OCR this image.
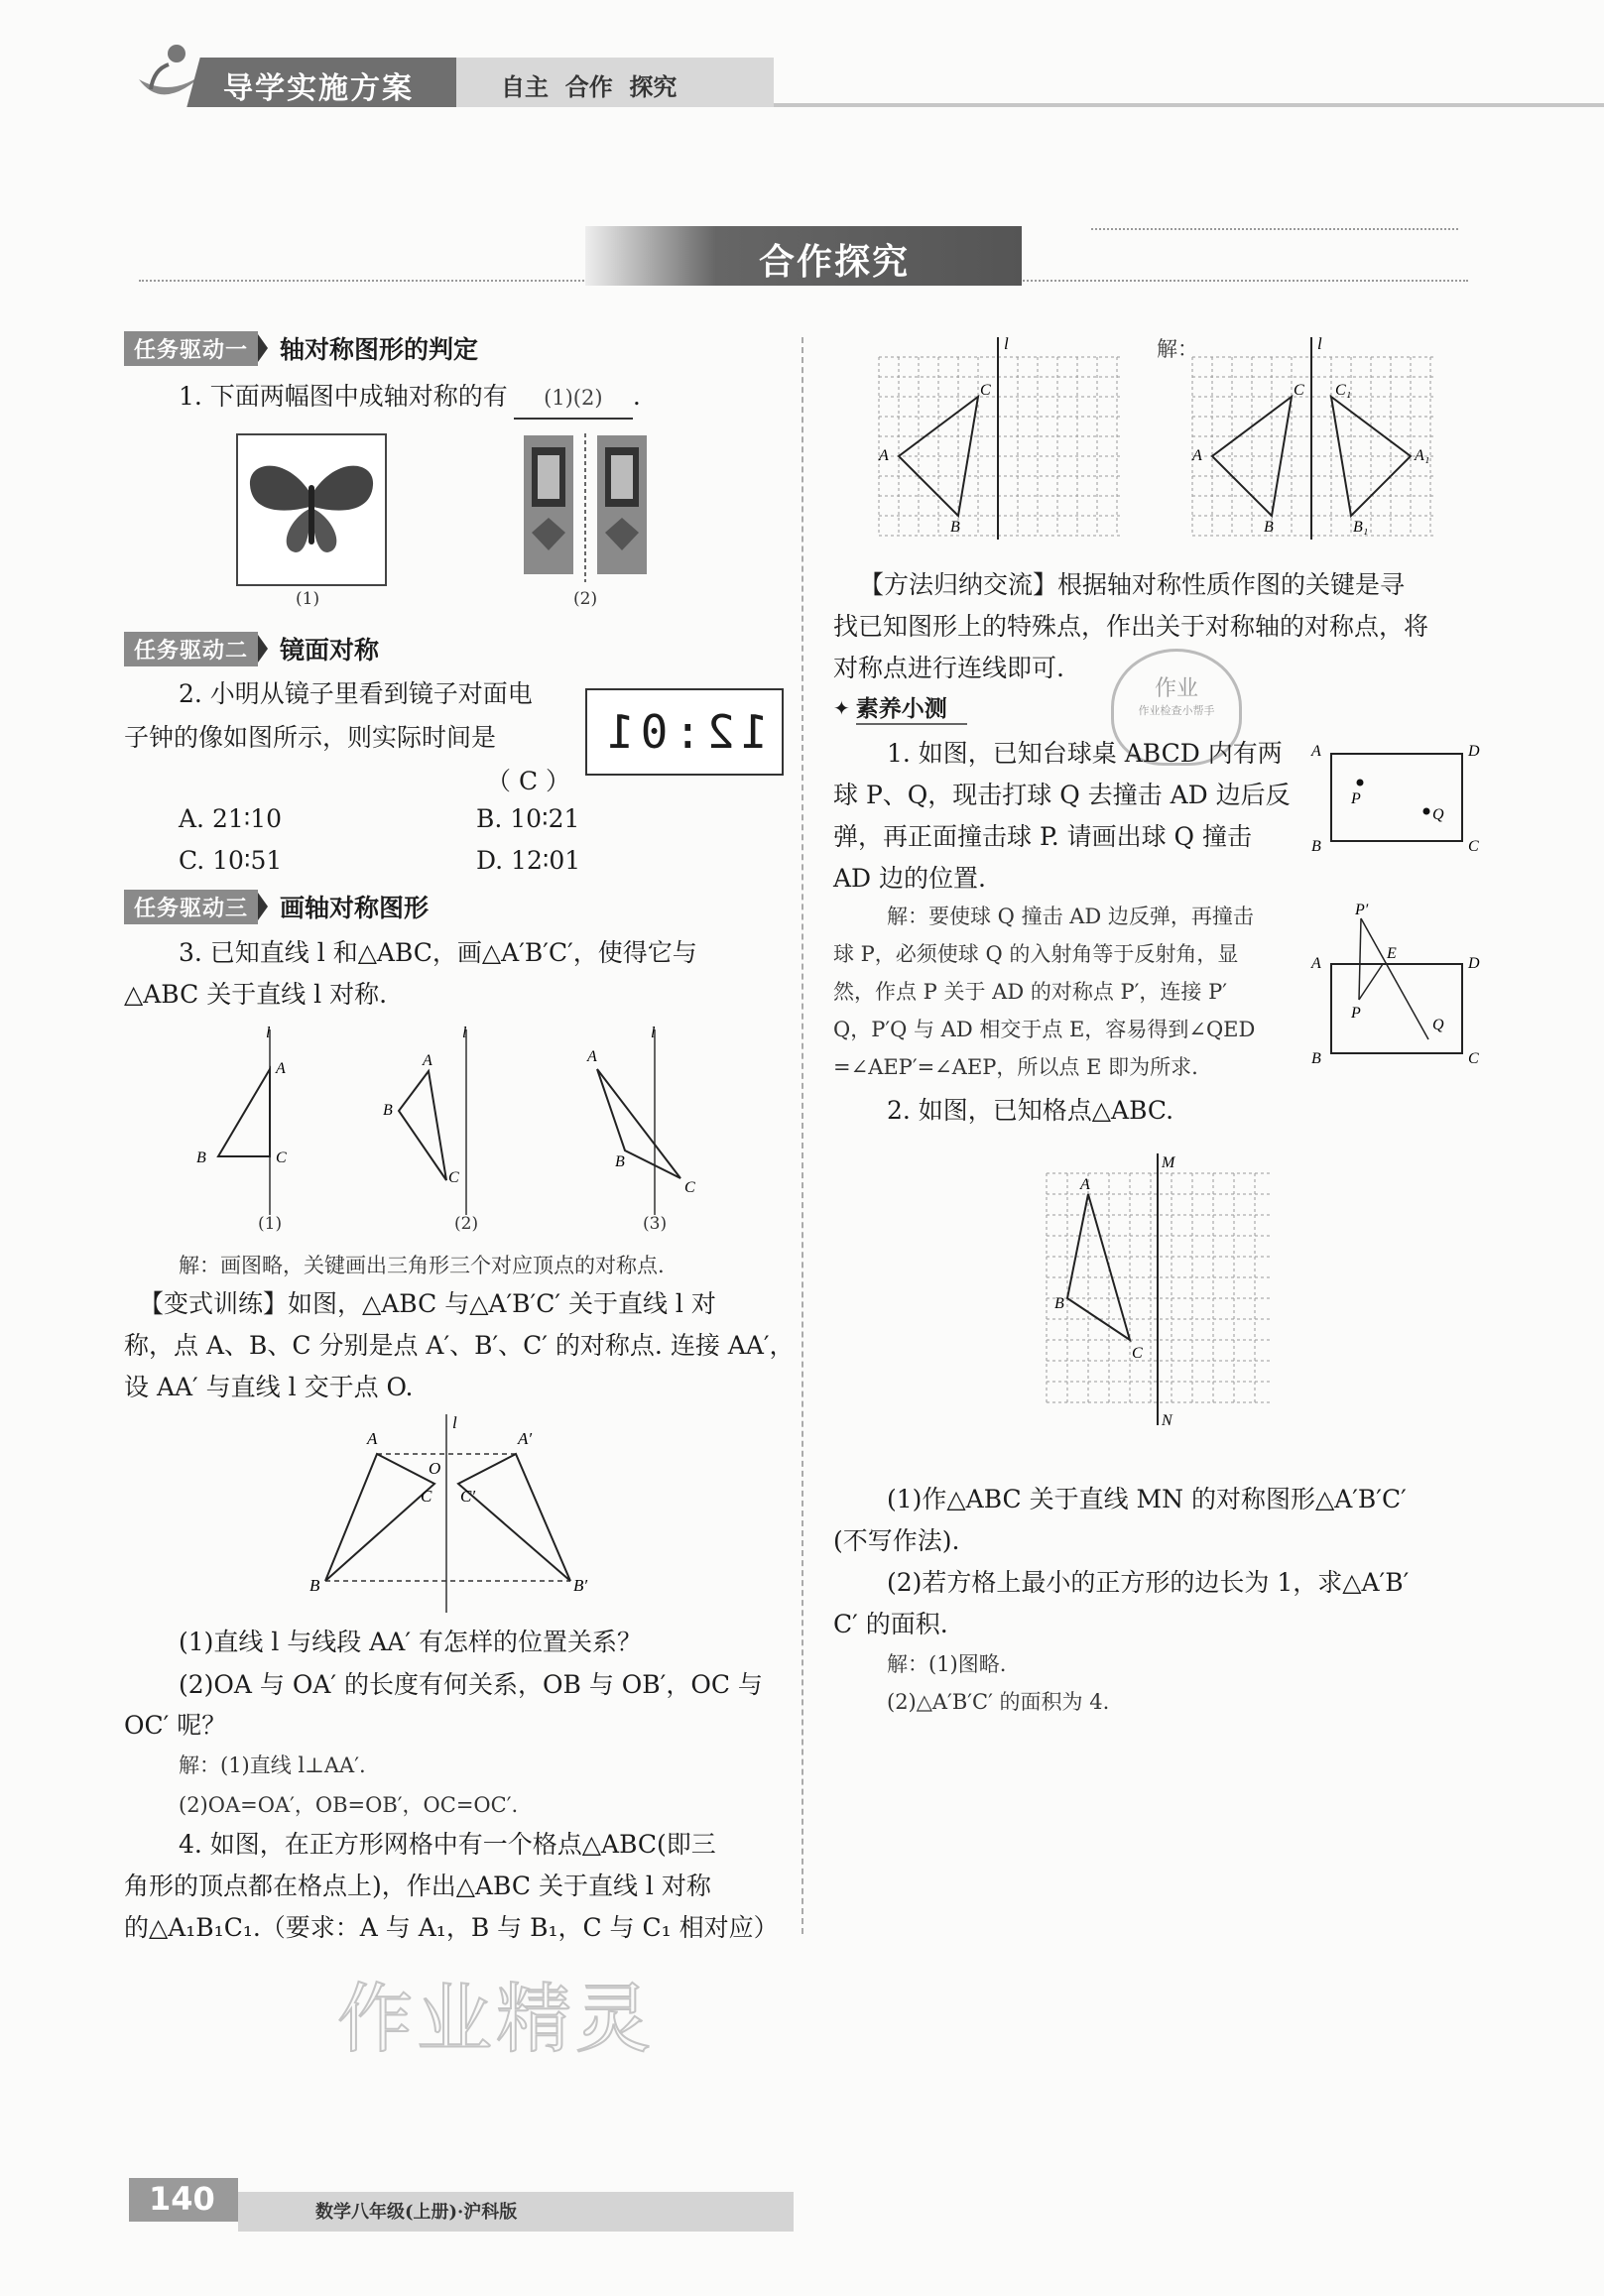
导学实施方案	自主  合作  探究
合作探究
任务驱动一	轴对称图形的判定
1. 下面两幅图中成轴对称的有 (1)(2) .
(1)	(2)
任务驱动二	镜面对称
2. 小明从镜子里看到镜子对面电
子钟的像如图所示，则实际时间是 12:01
（ C ）
A. 21∶10	B. 10∶21
C. 10∶51	D. 12∶01
任务驱动三	画轴对称图形
3. 已知直线 l 和△ABC，画△A′B′C′，使得它与
△ABC 关于直线 l 对称.
l
A
B	C
l
A
B
C
l
A
B
C
(1)	(2)	(3)
解：画图略，关键画出三角形三个对应顶点的对称点.
【变式训练】如图，△ABC 与△A′B′C′ 关于直线 l 对
称，点 A、B、C 分别是点 A′、B′、C′ 的对称点. 连接 AA′，
设 AA′ 与直线 l 交于点 O.
l
A	A′
O
C C′
B	B′
(1)直线 l 与线段 AA′ 有怎样的位置关系？
(2)OA 与 OA′ 的长度有何关系，OB 与 OB′，OC 与
OC′ 呢？
解：(1)直线 l⊥AA′.
(2)OA=OA′，OB=OB′，OC=OC′.
4. 如图，在正方形网格中有一个格点△ABC(即三
角形的顶点都在格点上)，作出△ABC 关于直线 l 对称
的△A₁B₁C₁.（要求：A 与 A₁，B 与 B₁，C 与 C₁ 相对应）
作业精灵
l
C
A
B
解：	l
C C₁
A	A₁
B	B₁
【方法归纳交流】根据轴对称性质作图的关键是寻
找已知图形上的特殊点，作出关于对称轴的对称点，将
对称点进行连线即可.
作业
作业检查小帮手
✦ 素养小测
1. 如图，已知台球桌 ABCD 内有两
球 P、Q，现击打球 Q 去撞击 AD 边后反
弹，再正面撞击球 P. 请画出球 Q 撞击
AD 边的位置.
A	D
B	C
P
Q
解：要使球 Q 撞击 AD 边反弹，再撞击
球 P，必须使球 Q 的入射角等于反射角，显
然，作点 P 关于 AD 的对称点 P′，连接 P′
Q，P′Q 与 AD 相交于点 E，容易得到∠QED
=∠AEP′=∠AEP，所以点 E 即为所求.
P′
E
A	D
P
Q
B	C
2. 如图，已知格点△ABC.
M
N
A
B
C
(1)作△ABC 关于直线 MN 的对称图形△A′B′C′
(不写作法).
(2)若方格上最小的正方形的边长为 1，求△A′B′
C′ 的面积.
解：(1)图略.
(2)△A′B′C′ 的面积为 4.
140	数学八年级(上册)·沪科版
